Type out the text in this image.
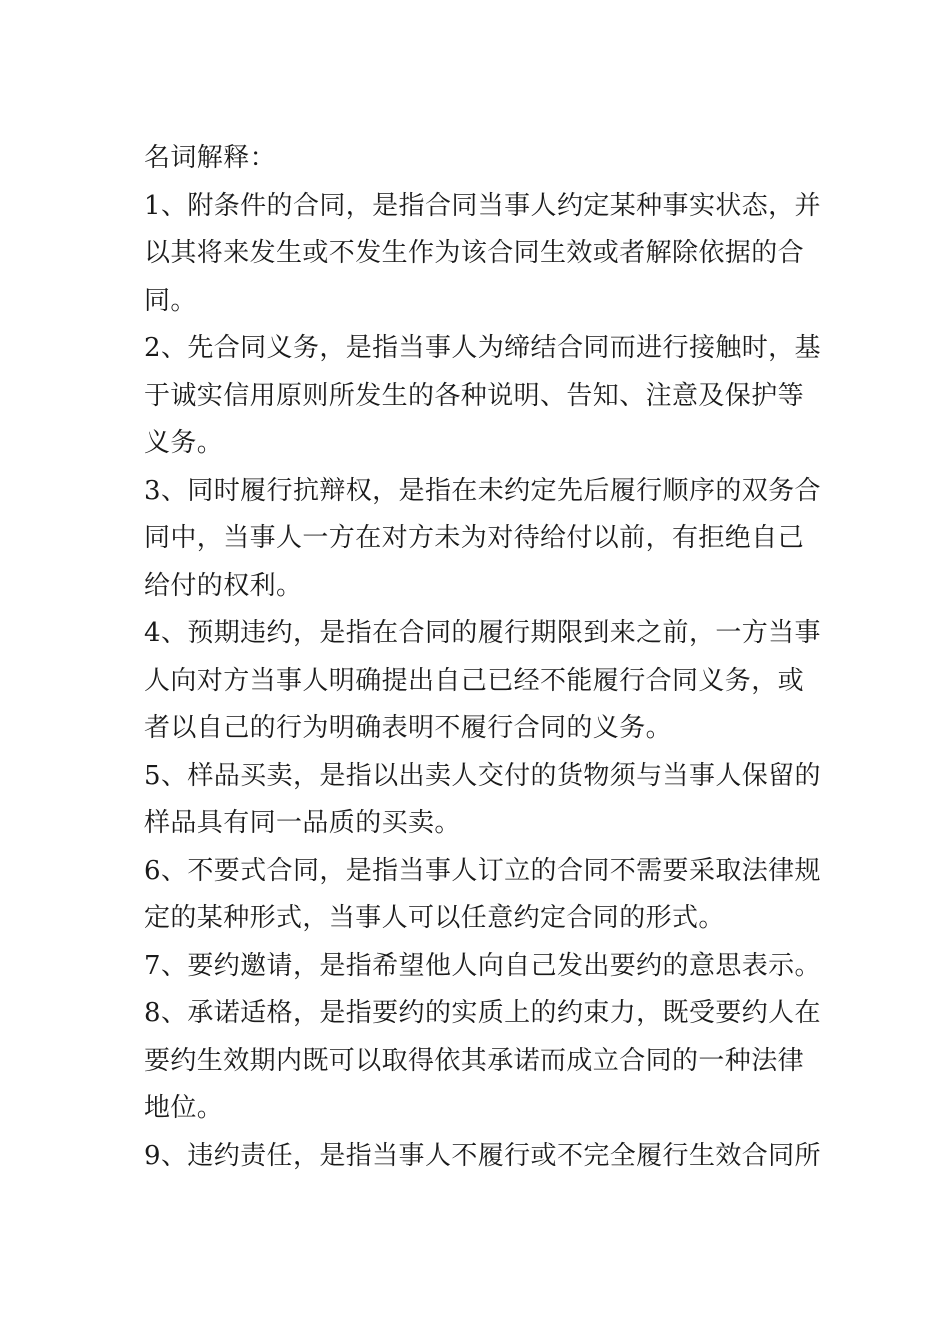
名词解释：

1、附条件的合同，是指合同当事人约定某种事实状态，并

以其将来发生或不发生作为该合同生效或者解除依据的合

同。

2、先合同义务，是指当事人为缔结合同而进行接触时，基

于诚实信用原则所发生的各种说明、告知、注意及保护等

义务。

3、同时履行抗辩权，是指在未约定先后履行顺序的双务合

同中，当事人一方在对方未为对待给付以前，有拒绝自己

给付的权利。

4、预期违约，是指在合同的履行期限到来之前，一方当事

人向对方当事人明确提出自己已经不能履行合同义务，或

者以自己的行为明确表明不履行合同的义务。

5、样品买卖，是指以出卖人交付的货物须与当事人保留的

样品具有同一品质的买卖。

6、不要式合同，是指当事人订立的合同不需要采取法律规

定的某种形式，当事人可以任意约定合同的形式。

7、要约邀请，是指希望他人向自己发出要约的意思表示。

8、承诺适格，是指要约的实质上的约束力，既受要约人在

要约生效期内既可以取得依其承诺而成立合同的一种法律

地位。

9、违约责任，是指当事人不履行或不完全履行生效合同所
